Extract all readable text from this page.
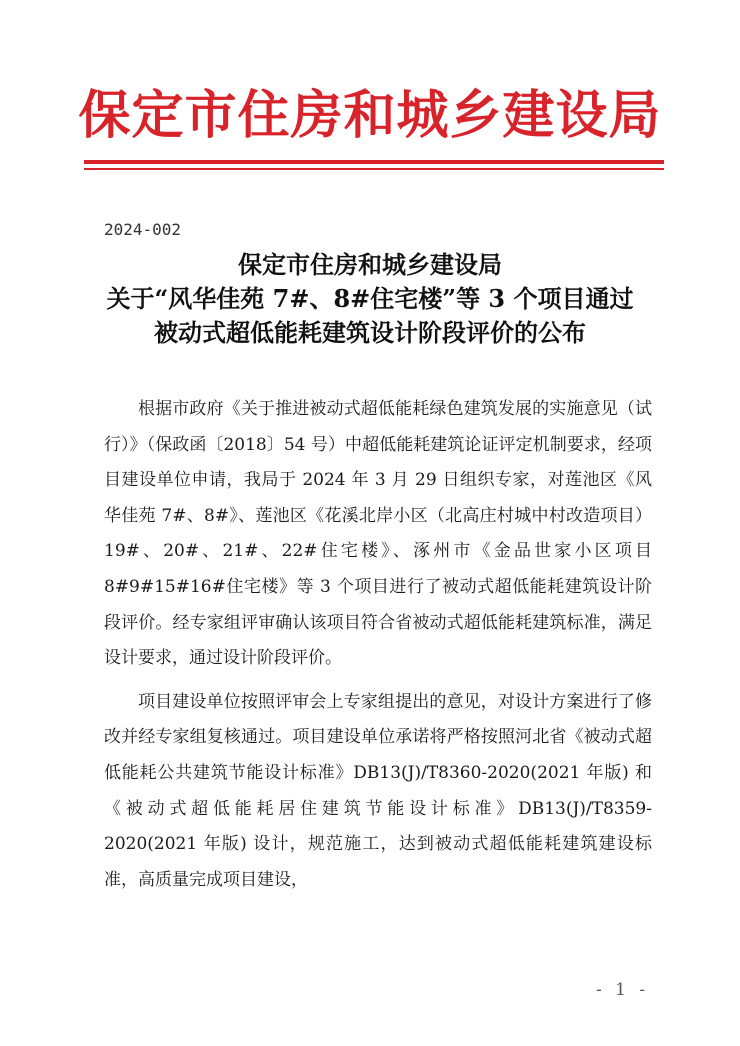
保定市住房和城乡建设局
2024-002
保定市住房和城乡建设局
关于“风华佳苑 7#、8#住宅楼”等 3 个项目通过
被动式超低能耗建筑设计阶段评价的公布

根据市政府《关于推进被动式超低能耗绿色建筑发展的实施意见（试行）》（保政函〔2018〕54 号）中超低能耗建筑论证评定机制要求，经项目建设单位申请，我局于 2024 年 3 月 29 日组织专家，对莲池区《风华佳苑 7#、8#》、莲池区《花溪北岸小区（北高庄村城中村改造项目）19#、20#、21#、22#住宅楼》、涿州市《金品世家小区项目 8#9#15#16#住宅楼》等 3 个项目进行了被动式超低能耗建筑设计阶段评价。经专家组评审确认该项目符合省被动式超低能耗建筑标准，满足设计要求，通过设计阶段评价。

项目建设单位按照评审会上专家组提出的意见，对设计方案进行了修改并经专家组复核通过。项目建设单位承诺将严格按照河北省《被动式超低能耗公共建筑节能设计标准》DB13(J)/T8360-2020(2021 年版) 和《被动式超低能耗居住建筑节能设计标准》DB13(J)/T8359-2020(2021 年版) 设计，规范施工，达到被动式超低能耗建筑建设标准，高质量完成项目建设，

- 1 -
